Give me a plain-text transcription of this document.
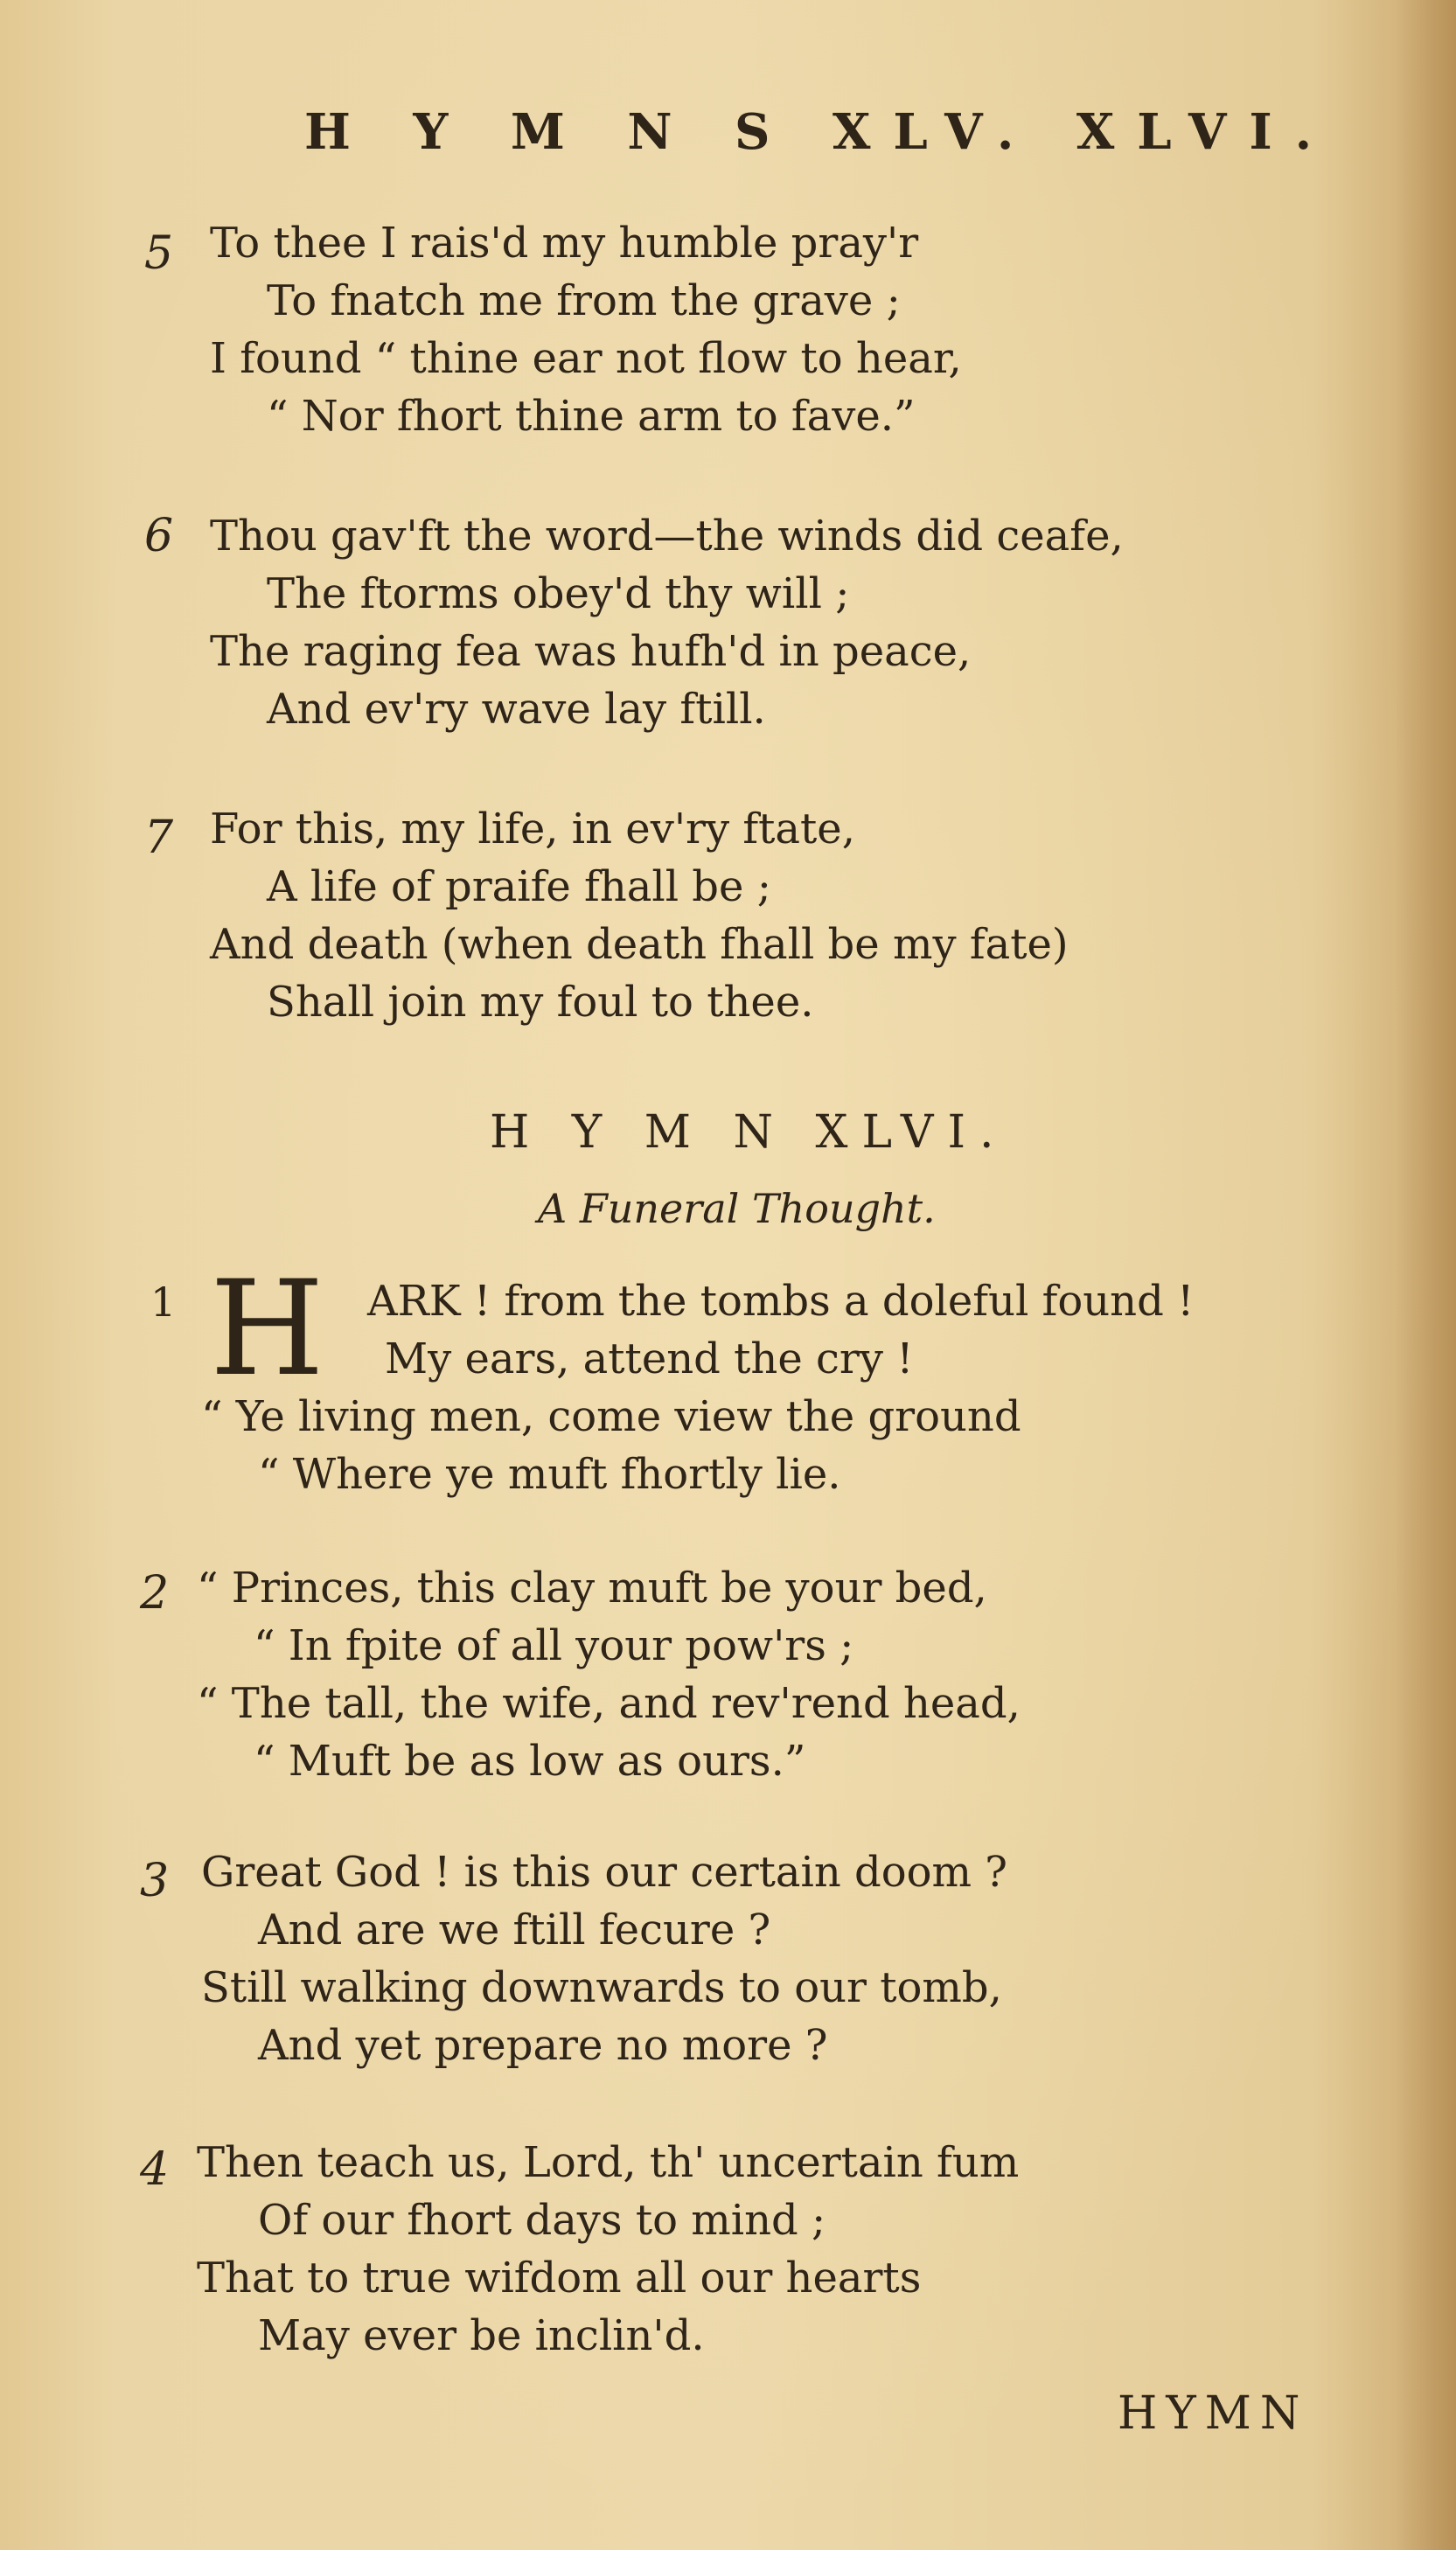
H Y M N S XLV. XLVI.
5 To thee I rais'd my humble pray'r
To fnatch me from the grave ;
I found “ thine ear not flow to hear,
“ Nor fhort thine arm to fave.”
6 Thou gav'ft the word—the winds did ceafe,
The ftorms obey'd thy will ;
The raging fea was hufh'd in peace,
And ev'ry wave lay ftill.
7 For this, my life, in ev'ry ftate,
A life of praife fhall be ;
And death (when death fhall be my fate)
Shall join my foul to thee.
H Y M N XLVI.
A Funeral Thought.
1 H ARK ! from the tombs a doleful found !
My ears, attend the cry !
“ Ye living men, come view the ground
“ Where ye muft fhortly lie.
2 “ Princes, this clay muft be your bed,
“ In fpite of all your pow'rs ;
“ The tall, the wife, and rev'rend head,
“ Muft be as low as ours.”
3 Great God ! is this our certain doom ?
And are we ftill fecure ?
Still walking downwards to our tomb,
And yet prepare no more ?
4 Then teach us, Lord, th' uncertain fum
Of our fhort days to mind ;
That to true wifdom all our hearts
May ever be inclin'd.
HYMN
